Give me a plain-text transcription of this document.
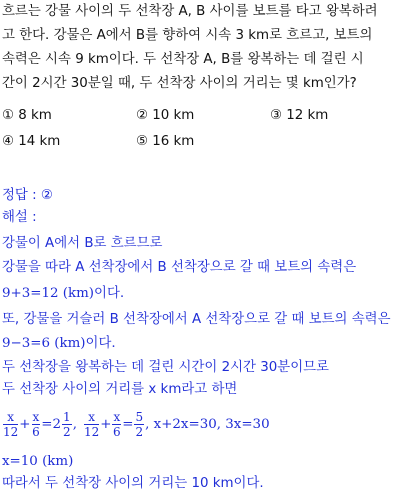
흐르는 강물 사이의 두 선착장 A, B 사이를 보트를 타고 왕복하려
고 한다. 강물은 A에서 B를 향하여 시속 3 km로 흐르고, 보트의
속력은 시속 9 km이다. 두 선착장 A, B를 왕복하는 데 걸린 시
간이 2시간 30분일 때, 두 선착장 사이의 거리는 몇 km인가?
① 8 km	② 10 km	③ 12 km
④ 14 km	⑤ 16 km
정답 : ②
해설 :
강물이 A에서 B로 흐르므로
강물을 따라 A 선착장에서 B 선착장으로 갈 때 보트의 속력은
9+3=12 (km)이다.
또, 강물을 거슬러 B 선착장에서 A 선착장으로 갈 때 보트의 속력은
9−3=6 (km)이다.
두 선착장을 왕복하는 데 걸린 시간이 2시간 30분이므로
두 선착장 사이의 거리를 x km라고 하면
$\frac{x}{12} + \frac{x}{6} =2 \frac{1}{2}$ , $\frac{x}{12} + \frac{x}{6} = \frac{5}{2}$ , x+2x=30, 3x=30
x=10 (km)
따라서 두 선착장 사이의 거리는 10 km이다.
